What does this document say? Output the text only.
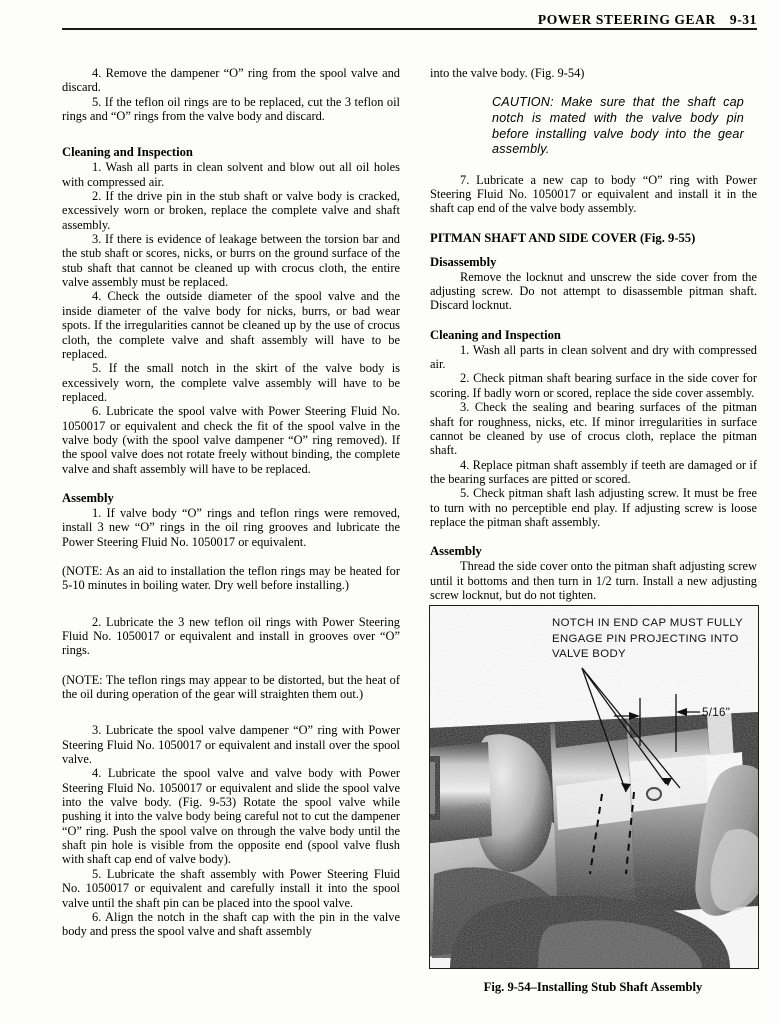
POWER STEERING GEAR 9-31

4. Remove the dampener “O” ring from the spool valve and discard.

5. If the teflon oil rings are to be replaced, cut the 3 teflon oil rings and “O” rings from the valve body and discard.

Cleaning and Inspection

1. Wash all parts in clean solvent and blow out all oil holes with compressed air.

2. If the drive pin in the stub shaft or valve body is cracked, excessively worn or broken, replace the complete valve and shaft assembly.

3. If there is evidence of leakage between the torsion bar and the stub shaft or scores, nicks, or burrs on the ground surface of the stub shaft that cannot be cleaned up with crocus cloth, the entire valve assembly must be replaced.

4. Check the outside diameter of the spool valve and the inside diameter of the valve body for nicks, burrs, or bad wear spots. If the irregularities cannot be cleaned up by the use of crocus cloth, the complete valve and shaft assembly will have to be replaced.

5. If the small notch in the skirt of the valve body is excessively worn, the complete valve assembly will have to be replaced.

6. Lubricate the spool valve with Power Steering Fluid No. 1050017 or equivalent and check the fit of the spool valve in the valve body (with the spool valve dampener “O” ring removed). If the spool valve does not rotate freely without binding, the complete valve and shaft assembly will have to be replaced.

Assembly

1. If valve body “O” rings and teflon rings were removed, install 3 new “O” rings in the oil ring grooves and lubricate the Power Steering Fluid No. 1050017 or equivalent.

(NOTE: As an aid to installation the teflon rings may be heated for 5-10 minutes in boiling water. Dry well before installing.)

2. Lubricate the 3 new teflon oil rings with Power Steering Fluid No. 1050017 or equivalent and install in grooves over “O” rings.

(NOTE: The teflon rings may appear to be distorted, but the heat of the oil during operation of the gear will straighten them out.)

3. Lubricate the spool valve dampener “O” ring with Power Steering Fluid No. 1050017 or equivalent and install over the spool valve.

4. Lubricate the spool valve and valve body with Power Steering Fluid No. 1050017 or equivalent and slide the spool valve into the valve body. (Fig. 9-53) Rotate the spool valve while pushing it into the valve body being careful not to cut the dampener “O” ring. Push the spool valve on through the valve body until the shaft pin hole is visible from the opposite end (spool valve flush with shaft cap end of valve body).

5. Lubricate the shaft assembly with Power Steering Fluid No. 1050017 or equivalent and carefully install it into the spool valve until the shaft pin can be placed into the spool valve.

6. Align the notch in the shaft cap with the pin in the valve body and press the spool valve and shaft assembly

into the valve body. (Fig. 9-54)

CAUTION: Make sure that the shaft cap notch is mated with the valve body pin before installing valve body into the gear assembly.

7. Lubricate a new cap to body “O” ring with Power Steering Fluid No. 1050017 or equivalent and install it in the shaft cap end of the valve body assembly.

PITMAN SHAFT AND SIDE COVER (Fig. 9-55)
Disassembly

Remove the locknut and unscrew the side cover from the adjusting screw. Do not attempt to disassemble pitman shaft. Discard locknut.

Cleaning and Inspection

1. Wash all parts in clean solvent and dry with compressed air.

2. Check pitman shaft bearing surface in the side cover for scoring. If badly worn or scored, replace the side cover assembly.

3. Check the sealing and bearing surfaces of the pitman shaft for roughness, nicks, etc. If minor irregularities in surface cannot be cleaned by use of crocus cloth, replace the pitman shaft.

4. Replace pitman shaft assembly if teeth are damaged or if the bearing surfaces are pitted or scored.

5. Check pitman shaft lash adjusting screw. It must be free to turn with no perceptible end play. If adjusting screw is loose replace the pitman shaft assembly.

Assembly

Thread the side cover onto the pitman shaft adjusting screw until it bottoms and then turn in 1/2 turn. Install a new adjusting screw locknut, but do not tighten.

nuovo
tighten up
NOTCH IN END CAP MUST FULLY ENGAGE PIN PROJECTING INTO VALVE BODY
5/16"
Fig. 9-54–Installing Stub Shaft Assembly
